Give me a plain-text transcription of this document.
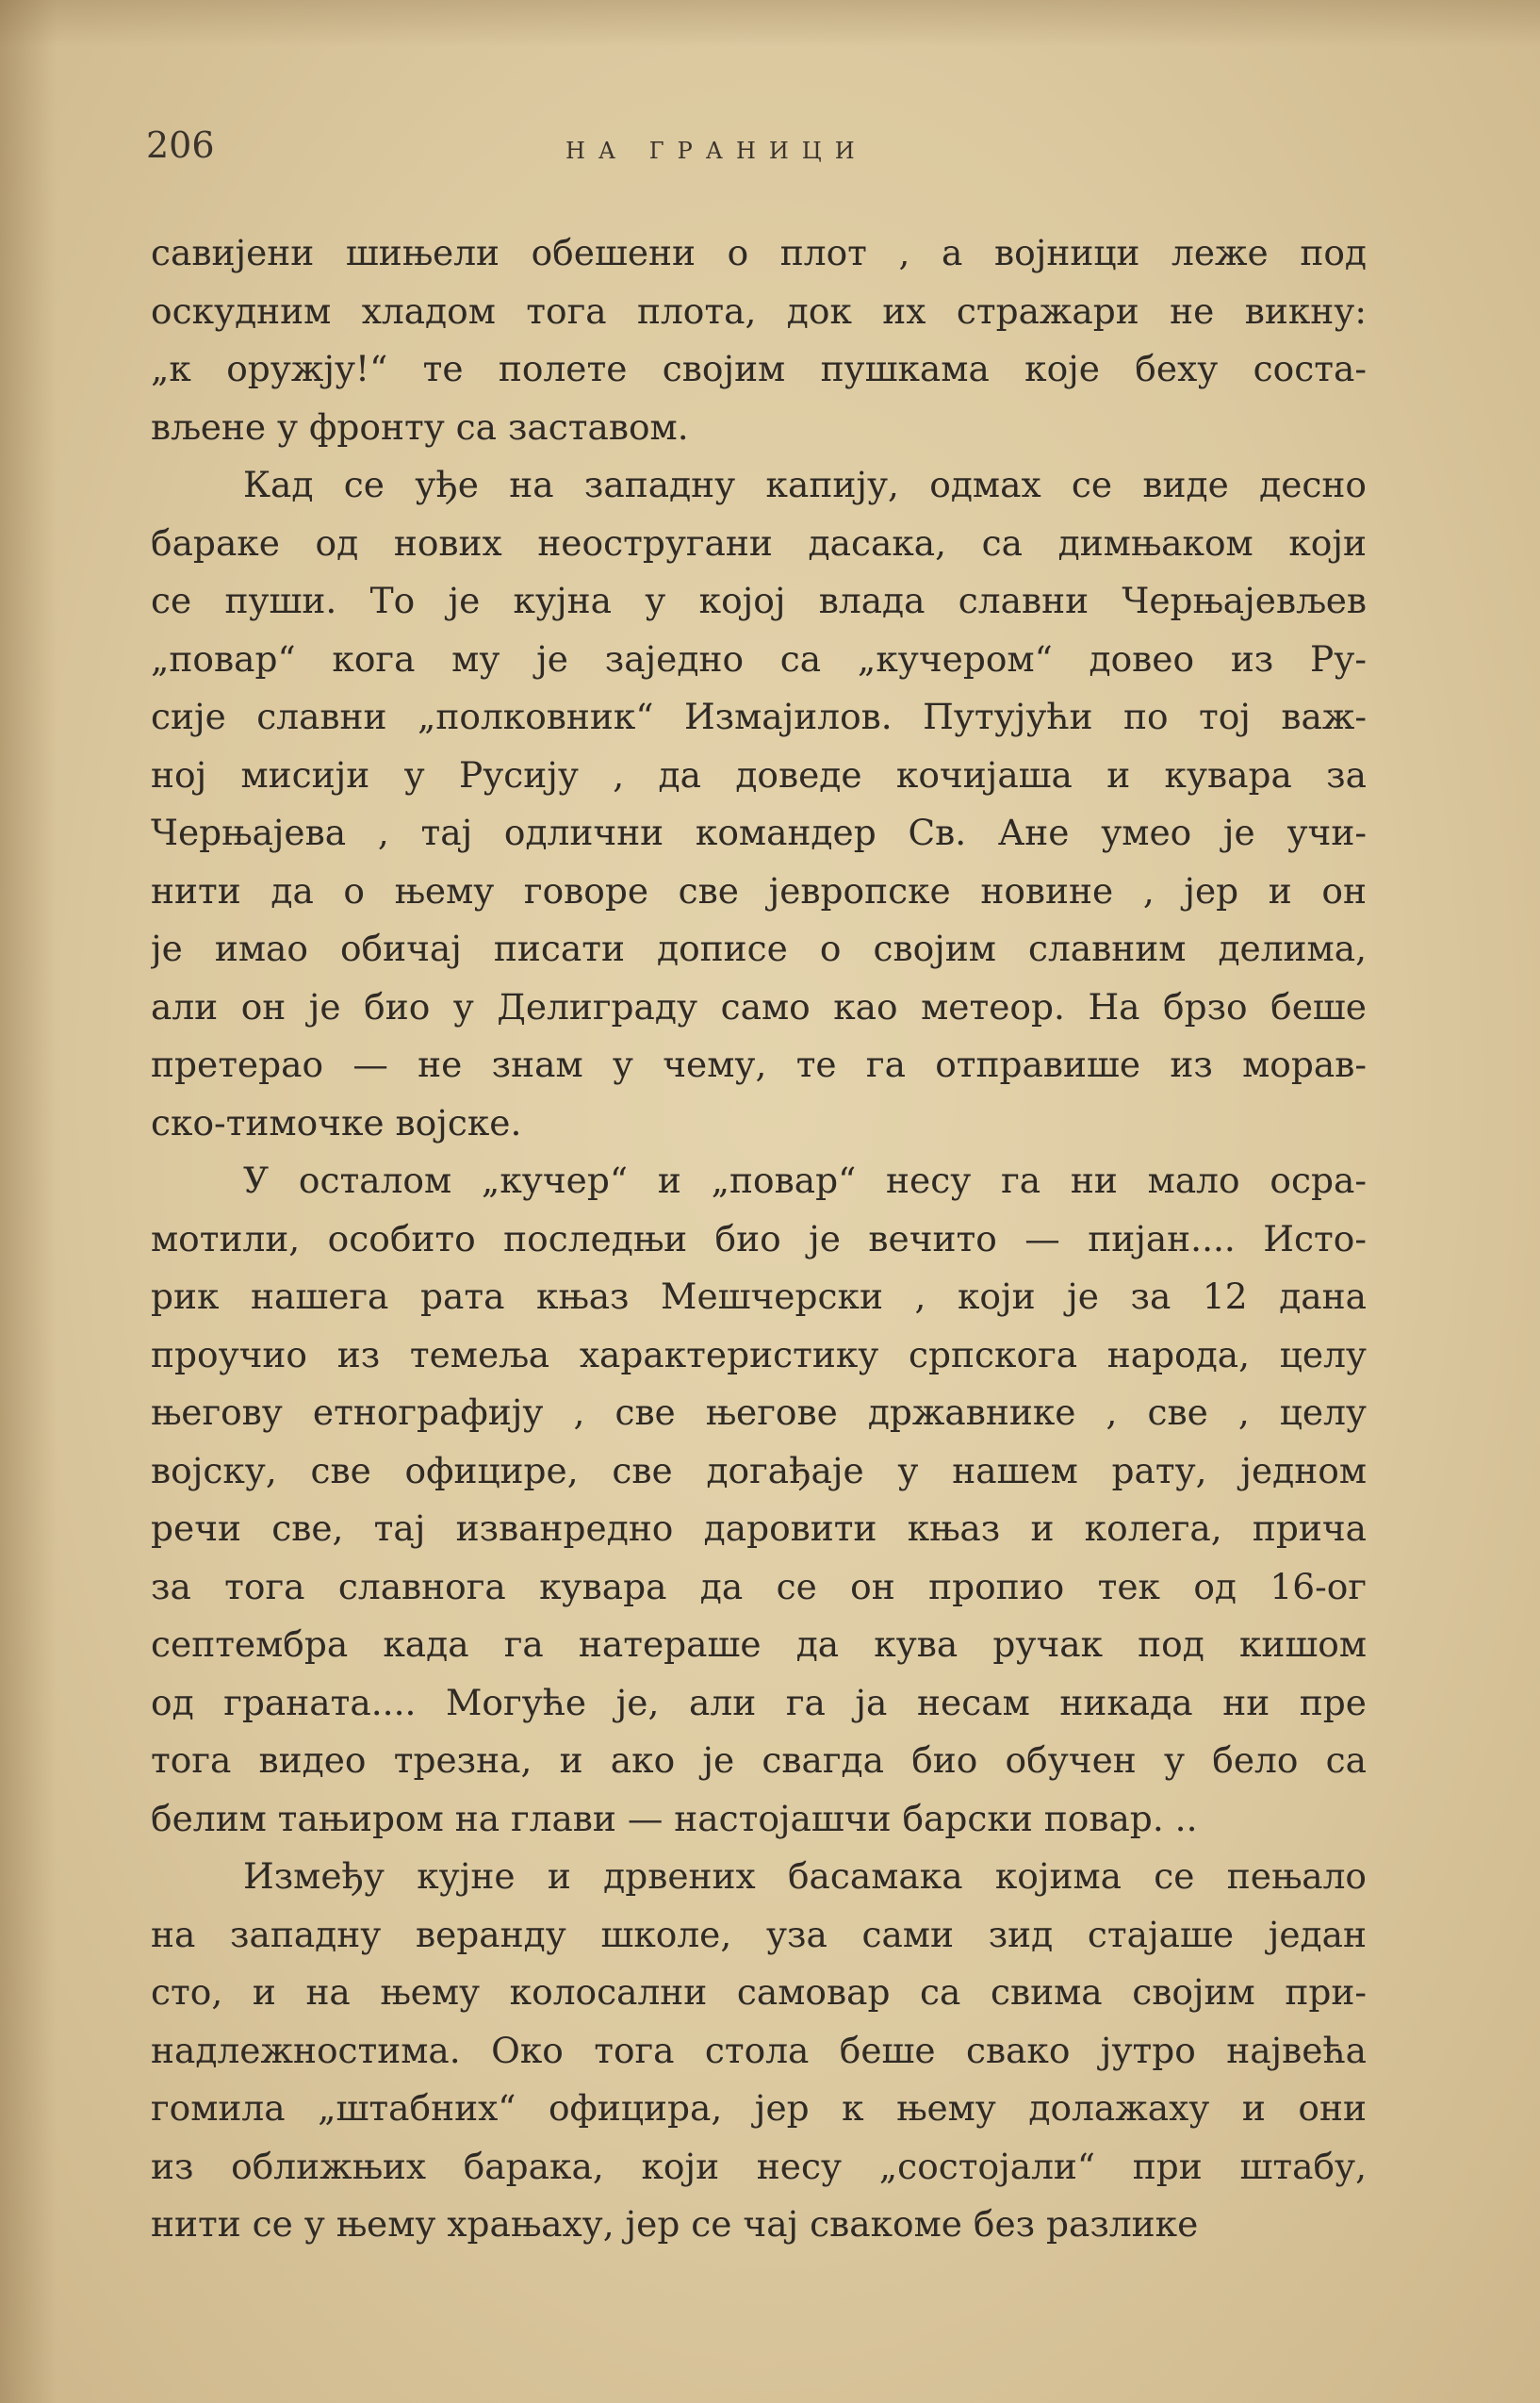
206	НА ГРАНИЦИ
савијени шињели обешени о плот , а војници леже под
оскудним хладом тога плота, док их стражари не викну:
„к оружју!“ те полете својим пушкама које беху соста-
вљене у фронту са заставом.
Кад се уђе на западну капију, одмах се виде десно
бараке од нових неостругани дасака, са димњаком који
се пуши. То је кујна у којој влада славни Черњајевљев
„повар“ кога му је заједно са „кучером“ довео из Ру-
сије славни „полковник“ Измајилов. Путујући по тој важ-
ној мисији у Русију , да доведе кочијаша и кувара за
Черњајева , тај одлични командер Св. Ане умео је учи-
нити да о њему говоре све јевропске новине , јер и он
је имао обичај писати дописе о својим славним делима,
али он је био у Делиграду само као метеор. На брзо беше
претерао — не знам у чему, те га отправише из морав-
ско-тимочке војске.
У осталом „кучер“ и „повар“ несу га ни мало осра-
мотили, особито последњи био је вечито — пијан.... Исто-
рик нашега рата књаз Мешчерски , који је за 12 дана
проучио из темеља характеристику српскога народа, целу
његову етнографију , све његове државнике , све , целу
војску, све официре, све догађаје у нашем рату, једном
речи све, тај изванредно даровити књаз и колега, прича
за тога славнога кувара да се он пропио тек од 16-ог
септембра када га натераше да кува ручак под кишом
од граната.... Могуће је, али га ја несам никада ни пре
тога видео трезна, и ако је свагда био обучен у бело са
белим тањиром на глави — настојашчи барски повар. ..
Између кујне и дрвених басамака којима се пењало
на западну веранду школе, уза сами зид стајаше један
сто, и на њему колосални самовар са свима својим при-
надлежностима. Око тога стола беше свако јутро највећа
гомила „штабних“ официра, јер к њему долажаху и они
из оближњих барака, који несу „состојали“ при штабу,
нити се у њему храњаху, јер се чај свакоме без разлике
